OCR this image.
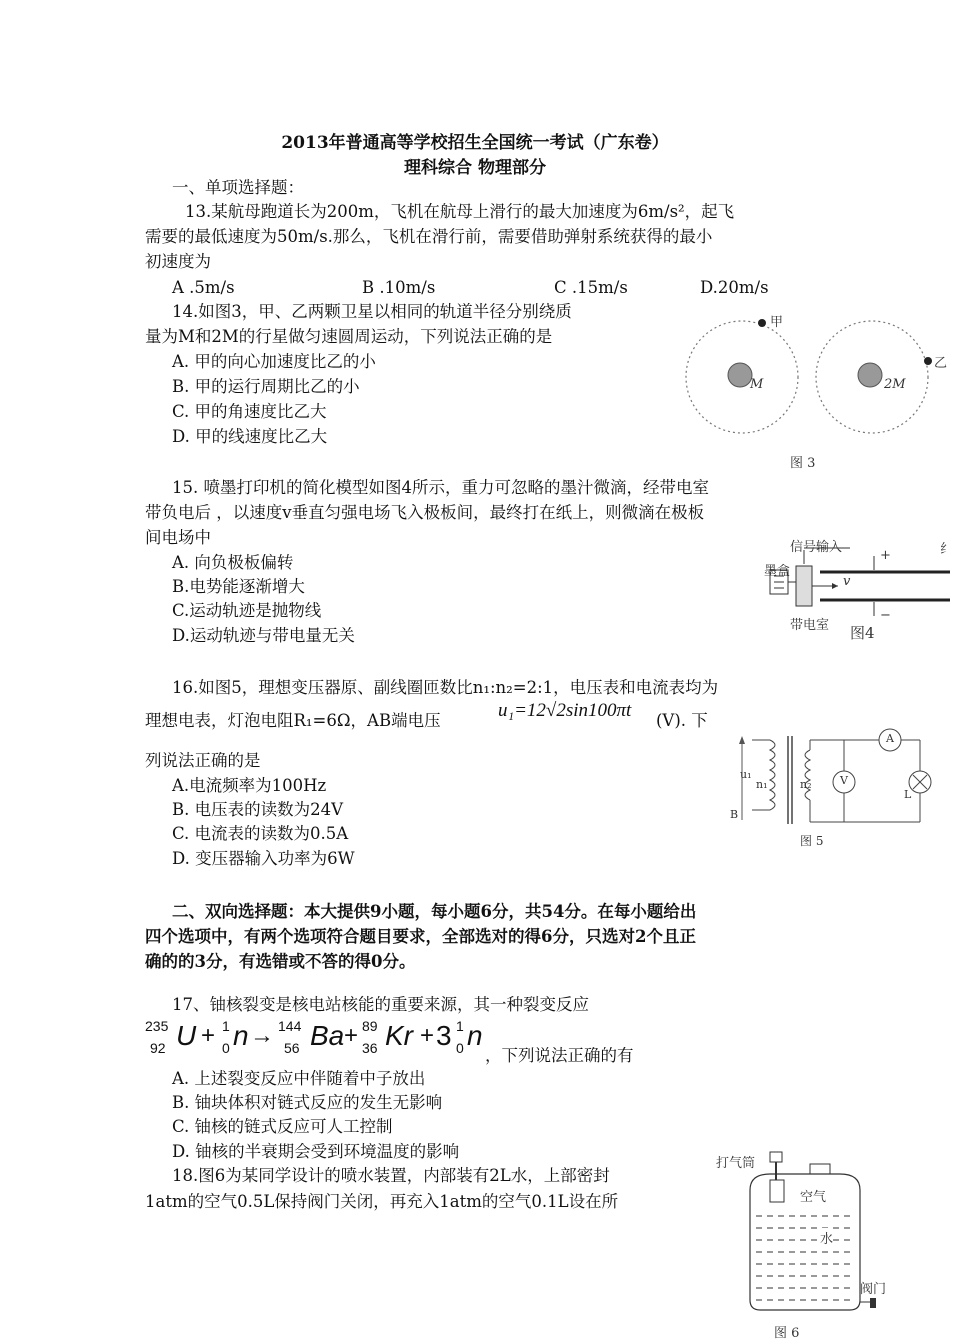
2013年普通高等学校招生全国统一考试（广东卷）
理科综合 物理部分
一、单项选择题：
13.某航母跑道长为200m，飞机在航母上滑行的最大加速度为6m/s²，起飞
需要的最低速度为50m/s.那么，飞机在滑行前，需要借助弹射系统获得的最小
初速度为
A .5m/s	B .10m/s	C .15m/s	D.20m/s
14.如图3，甲、乙两颗卫星以相同的轨道半径分别绕质
量为M和2M的行星做匀速圆周运动，下列说法正确的是
A. 甲的向心加速度比乙的小
B. 甲的运行周期比乙的小
C. 甲的角速度比乙大
D. 甲的线速度比乙大
甲
乙
M	2M
图 3
15. 喷墨打印机的简化模型如图4所示，重力可忽略的墨汁微滴，经带电室
带负电后 ，以速度v垂直匀强电场飞入极板间，最终打在纸上，则微滴在极板
间电场中
A. 向负极板偏转
B.电势能逐渐增大
C.运动轨迹是抛物线
D.运动轨迹与带电量无关
信号输入
墨盒
v
+
−
带电室 图4
纟
16.如图5，理想变压器原、副线圈匝数比n₁:n₂=2:1，电压表和电流表均为
理想电表，灯泡电阻R₁=6Ω，AB端电压	u₁=12√2sin100πt (V). 下
列说法正确的是
A.电流频率为100Hz
B. 电压表的读数为24V
C. 电流表的读数为0.5A
D. 变压器输入功率为6W
u₁
n₁	n₂	V
A
L
B
图 5
二、双向选择题：本大提供9小题，每小题6分，共54分。在每小题给出
四个选项中，有两个选项符合题目要求，全部选对的得6分，只选对2个且正
确的的3分，有选错或不答的得0分。
17、铀核裂变是核电站核能的重要来源，其一种裂变反应
235
92 U + 1
0 n → 144
56 Ba + 89
36 Kr + 3 1
0 n
，下列说法正确的有
A. 上述裂变反应中伴随着中子放出
B. 铀块体积对链式反应的发生无影响
C. 铀核的链式反应可人工控制
D. 铀核的半衰期会受到环境温度的影响
18.图6为某同学设计的喷水装置，内部装有2L水，上部密封
1atm的空气0.5L保持阀门关闭，再充入1atm的空气0.1L设在所
打气筒
空气
水
阀门
图 6
